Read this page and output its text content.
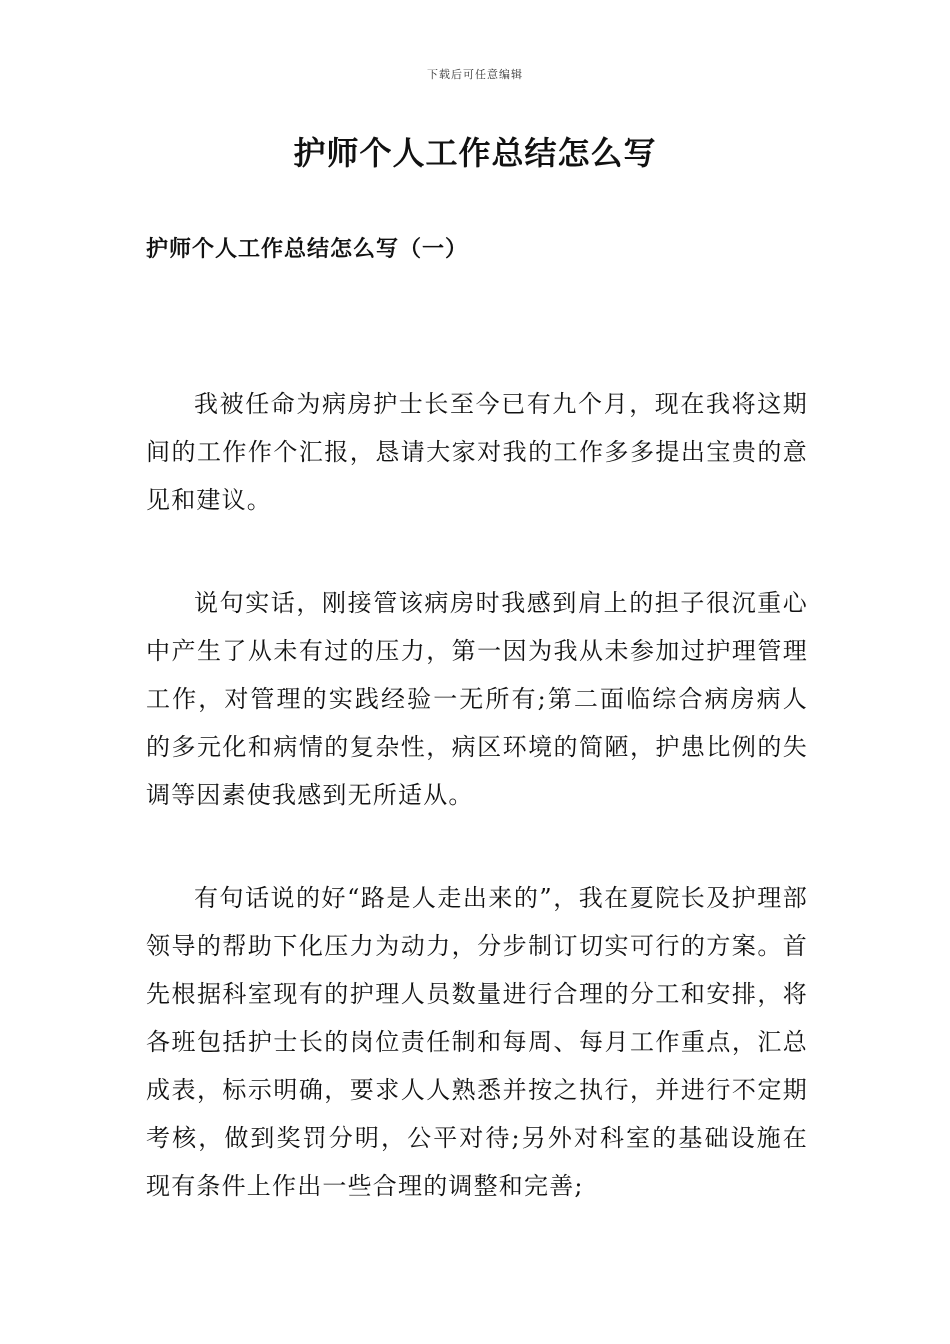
下载后可任意编辑
护师个人工作总结怎么写
护师个人工作总结怎么写（一）

我被任命为病房护士长至今已有九个月，现在我将这期间的工作作个汇报，恳请大家对我的工作多多提出宝贵的意见和建议。

说句实话，刚接管该病房时我感到肩上的担子很沉重心中产生了从未有过的压力，第一因为我从未参加过护理管理工作，对管理的实践经验一无所有;第二面临综合病房病人的多元化和病情的复杂性，病区环境的简陋，护患比例的失调等因素使我感到无所适从。

有句话说的好“路是人走出来的”，我在夏院长及护理部领导的帮助下化压力为动力，分步制订切实可行的方案。首先根据科室现有的护理人员数量进行合理的分工和安排，将各班包括护士长的岗位责任制和每周、每月工作重点，汇总成表，标示明确，要求人人熟悉并按之执行，并进行不定期考核，做到奖罚分明，公平对待;另外对科室的基础设施在现有条件上作出一些合理的调整和完善;
